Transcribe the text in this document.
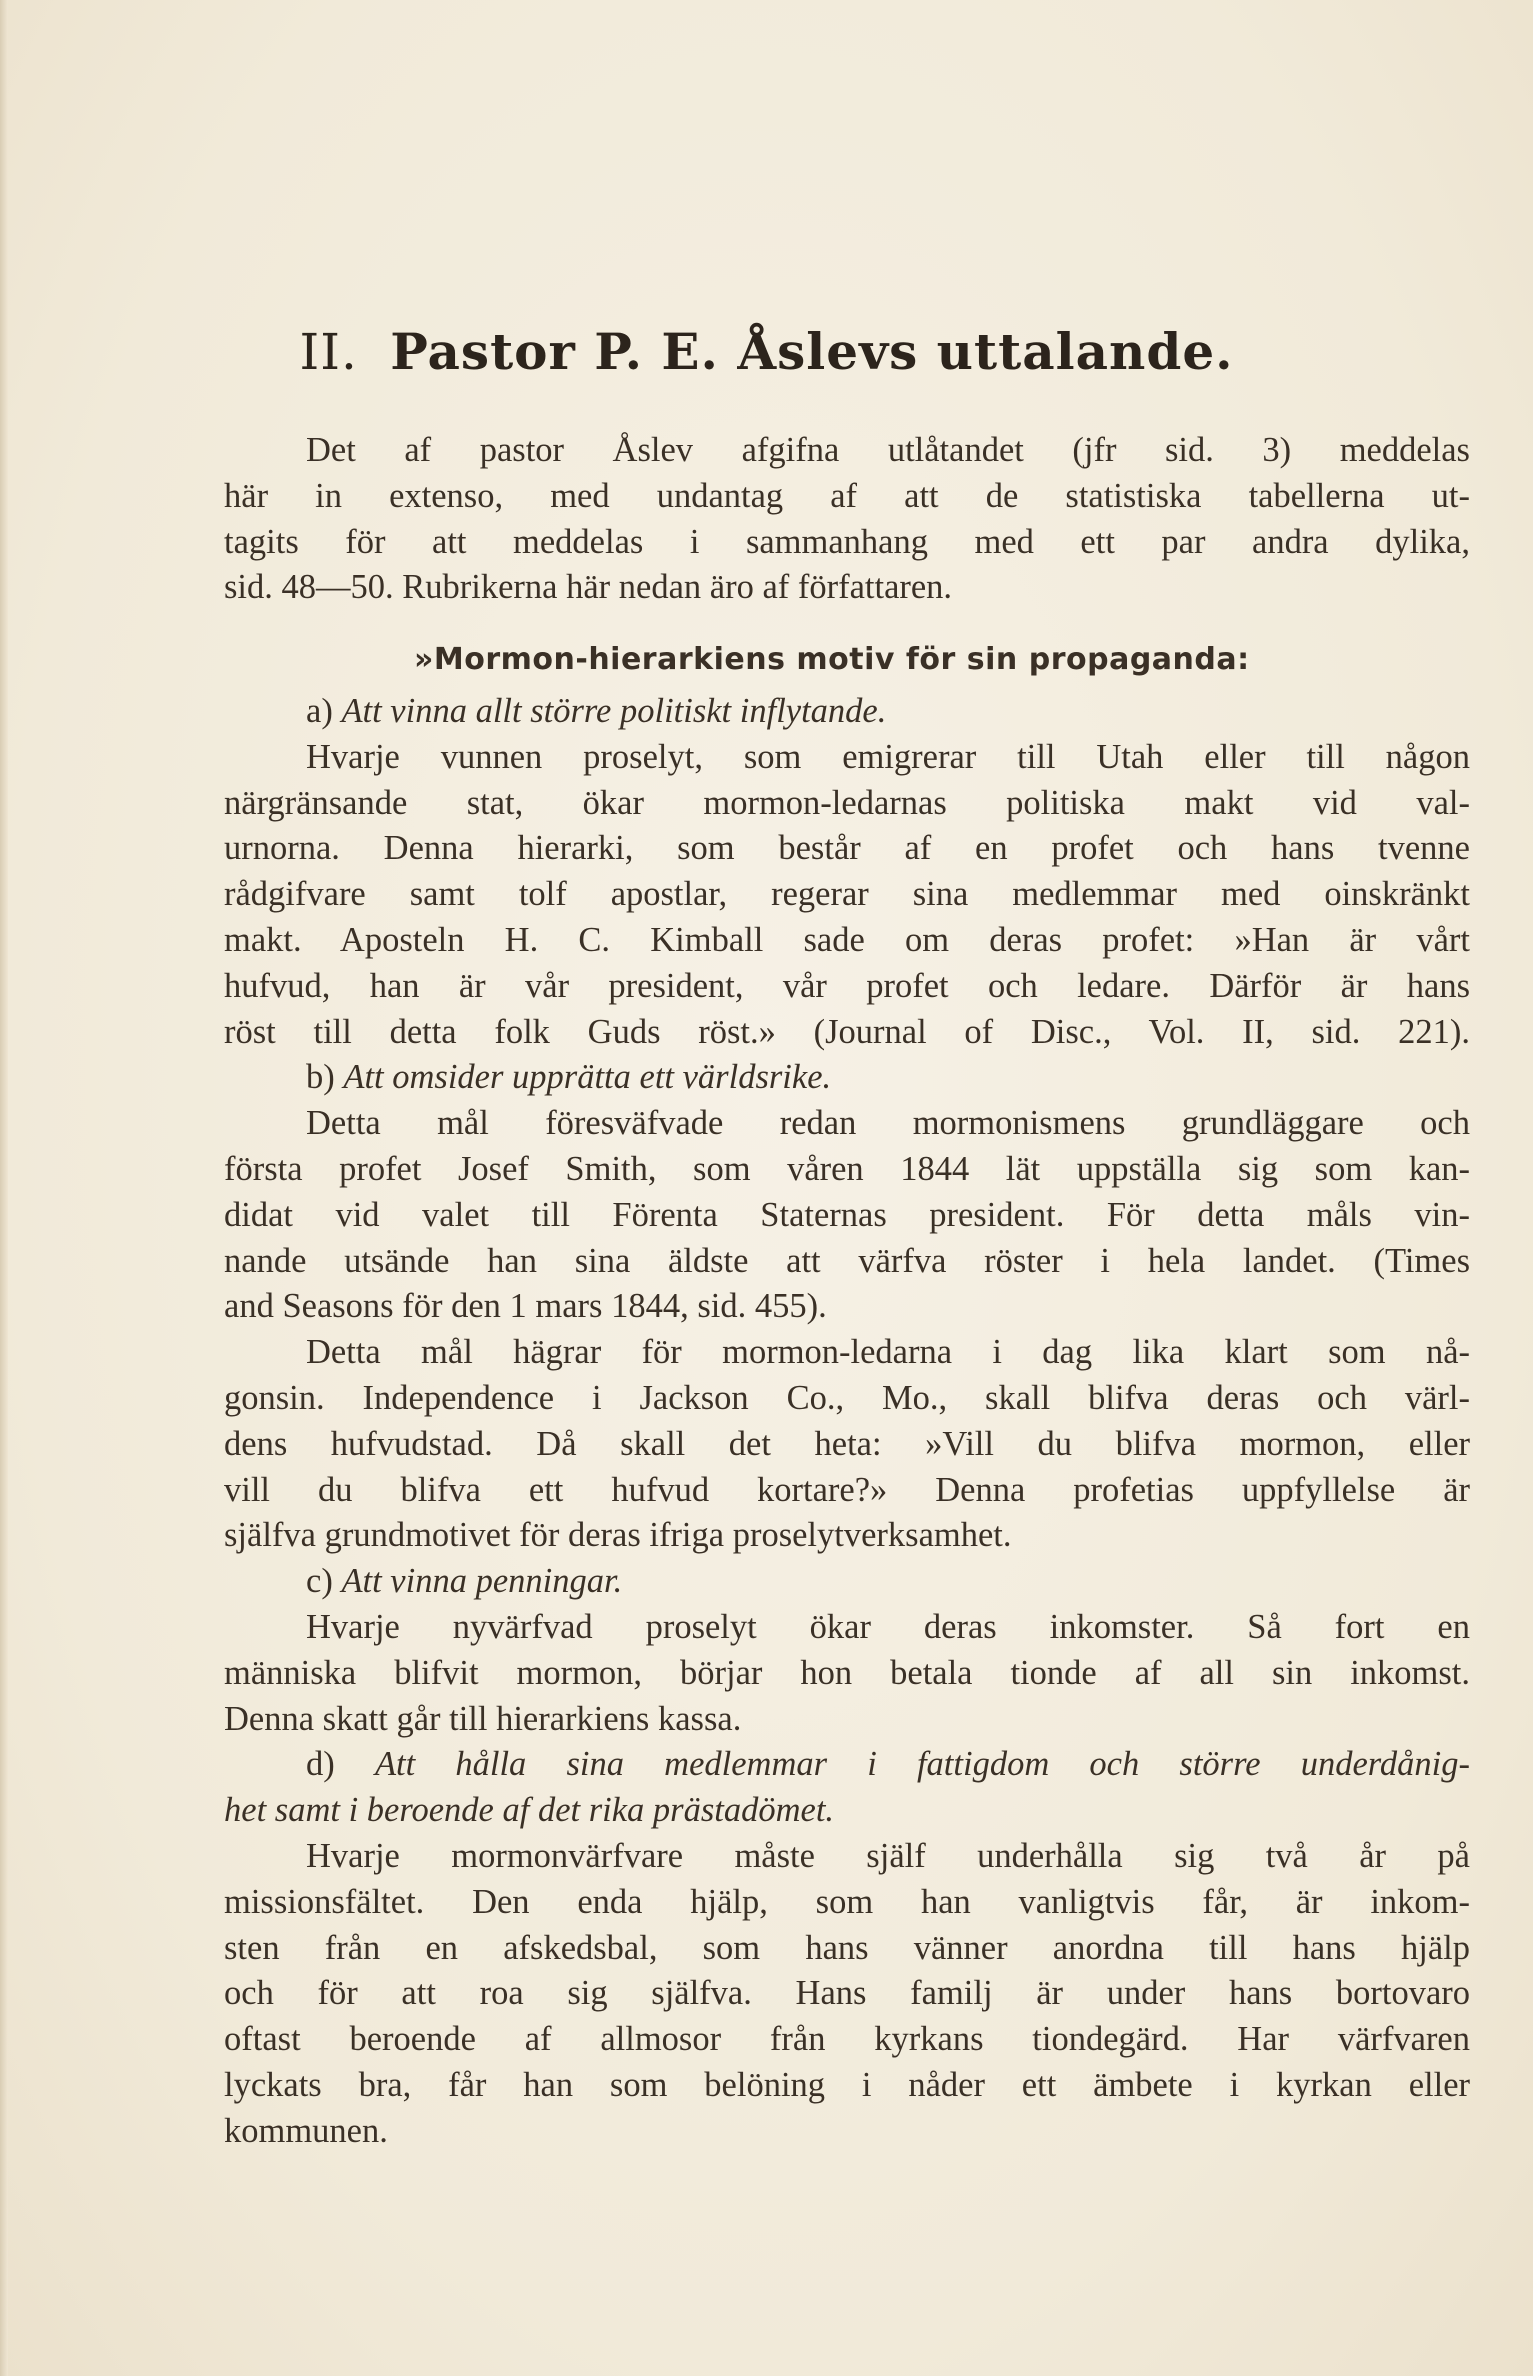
II. Pastor P. E. Åslevs uttalande.
Det af pastor Åslev afgifna utlåtandet (jfr sid. 3) meddelas
här in extenso, med undantag af att de statistiska tabellerna ut-
tagits för att meddelas i sammanhang med ett par andra dylika,
sid. 48—50. Rubrikerna här nedan äro af författaren.
»Mormon-hierarkiens motiv för sin propaganda:
a) Att vinna allt större politiskt inflytande.
Hvarje vunnen proselyt, som emigrerar till Utah eller till någon
närgränsande stat, ökar mormon-ledarnas politiska makt vid val-
urnorna. Denna hierarki, som består af en profet och hans tvenne
rådgifvare samt tolf apostlar, regerar sina medlemmar med oinskränkt
makt. Aposteln H. C. Kimball sade om deras profet: »Han är vårt
hufvud, han är vår president, vår profet och ledare. Därför är hans
röst till detta folk Guds röst.» (Journal of Disc., Vol. II, sid. 221).
b) Att omsider upprätta ett världsrike.
Detta mål föresväfvade redan mormonismens grundläggare och
första profet Josef Smith, som våren 1844 lät uppställa sig som kan-
didat vid valet till Förenta Staternas president. För detta måls vin-
nande utsände han sina äldste att värfva röster i hela landet. (Times
and Seasons för den 1 mars 1844, sid. 455).
Detta mål hägrar för mormon-ledarna i dag lika klart som nå-
gonsin. Independence i Jackson Co., Mo., skall blifva deras och värl-
dens hufvudstad. Då skall det heta: »Vill du blifva mormon, eller
vill du blifva ett hufvud kortare?» Denna profetias uppfyllelse är
själfva grundmotivet för deras ifriga proselytverksamhet.
c) Att vinna penningar.
Hvarje nyvärfvad proselyt ökar deras inkomster. Så fort en
människa blifvit mormon, börjar hon betala tionde af all sin inkomst.
Denna skatt går till hierarkiens kassa.
d) Att hålla sina medlemmar i fattigdom och större underdånig-
het samt i beroende af det rika prästadömet.
Hvarje mormonvärfvare måste själf underhålla sig två år på
missionsfältet. Den enda hjälp, som han vanligtvis får, är inkom-
sten från en afskedsbal, som hans vänner anordna till hans hjälp
och för att roa sig själfva. Hans familj är under hans bortovaro
oftast beroende af allmosor från kyrkans tiondegärd. Har värfvaren
lyckats bra, får han som belöning i nåder ett ämbete i kyrkan eller
kommunen.
